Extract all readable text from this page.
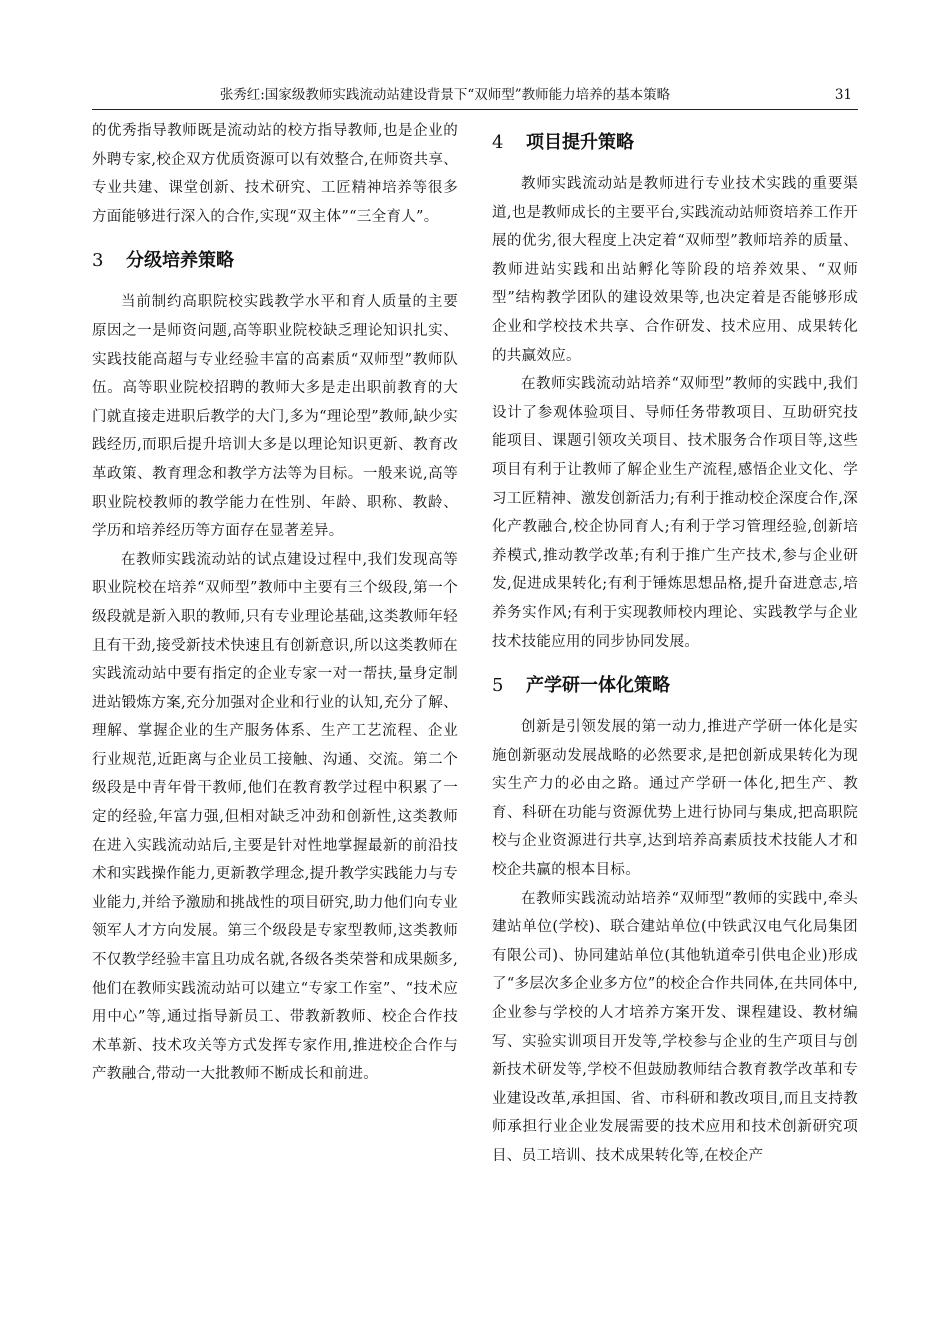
张秀红:国家级教师实践流动站建设背景下“双师型”教师能力培养的基本策略	31

的优秀指导教师既是流动站的校方指导教师,也是企业的外聘专家,校企双方优质资源可以有效整合,在师资共享、专业共建、课堂创新、技术研究、工匠精神培养等很多方面能够进行深入的合作,实现“双主体”“三全育人”。

3 分级培养策略

当前制约高职院校实践教学水平和育人质量的主要原因之一是师资问题,高等职业院校缺乏理论知识扎实、实践技能高超与专业经验丰富的高素质“双师型”教师队伍。高等职业院校招聘的教师大多是走出职前教育的大门就直接走进职后教学的大门,多为“理论型”教师,缺少实践经历,而职后提升培训大多是以理论知识更新、教育改革政策、教育理念和教学方法等为目标。一般来说,高等职业院校教师的教学能力在性别、年龄、职称、教龄、学历和培养经历等方面存在显著差异。

在教师实践流动站的试点建设过程中,我们发现高等职业院校在培养“双师型”教师中主要有三个级段,第一个级段就是新入职的教师,只有专业理论基础,这类教师年轻且有干劲,接受新技术快速且有创新意识,所以这类教师在实践流动站中要有指定的企业专家一对一帮扶,量身定制进站锻炼方案,充分加强对企业和行业的认知,充分了解、理解、掌握企业的生产服务体系、生产工艺流程、企业行业规范,近距离与企业员工接触、沟通、交流。第二个级段是中青年骨干教师,他们在教育教学过程中积累了一定的经验,年富力强,但相对缺乏冲劲和创新性,这类教师在进入实践流动站后,主要是针对性地掌握最新的前沿技术和实践操作能力,更新教学理念,提升教学实践能力与专业能力,并给予激励和挑战性的项目研究,助力他们向专业领军人才方向发展。第三个级段是专家型教师,这类教师不仅教学经验丰富且功成名就,各级各类荣誉和成果颇多,他们在教师实践流动站可以建立“专家工作室”、“技术应用中心”等,通过指导新员工、带教新教师、校企合作技术革新、技术攻关等方式发挥专家作用,推进校企合作与产教融合,带动一大批教师不断成长和前进。

4 项目提升策略

教师实践流动站是教师进行专业技术实践的重要渠道,也是教师成长的主要平台,实践流动站师资培养工作开展的优劣,很大程度上决定着“双师型”教师培养的质量、教师进站实践和出站孵化等阶段的培养效果、“双师型”结构教学团队的建设效果等,也决定着是否能够形成企业和学校技术共享、合作研发、技术应用、成果转化的共赢效应。

在教师实践流动站培养“双师型”教师的实践中,我们设计了参观体验项目、导师任务带教项目、互助研究技能项目、课题引领攻关项目、技术服务合作项目等,这些项目有利于让教师了解企业生产流程,感悟企业文化、学习工匠精神、激发创新活力;有利于推动校企深度合作,深化产教融合,校企协同育人;有利于学习管理经验,创新培养模式,推动教学改革;有利于推广生产技术,参与企业研发,促进成果转化;有利于锤炼思想品格,提升奋进意志,培养务实作风;有利于实现教师校内理论、实践教学与企业技术技能应用的同步协同发展。

5 产学研一体化策略

创新是引领发展的第一动力,推进产学研一体化是实施创新驱动发展战略的必然要求,是把创新成果转化为现实生产力的必由之路。通过产学研一体化,把生产、教育、科研在功能与资源优势上进行协同与集成,把高职院校与企业资源进行共享,达到培养高素质技术技能人才和校企共赢的根本目标。

在教师实践流动站培养“双师型”教师的实践中,牵头建站单位(学校)、联合建站单位(中铁武汉电气化局集团有限公司)、协同建站单位(其他轨道牵引供电企业)形成了“多层次多企业多方位”的校企合作共同体,在共同体中,企业参与学校的人才培养方案开发、课程建设、教材编写、实验实训项目开发等,学校参与企业的生产项目与创新技术研发等,学校不但鼓励教师结合教育教学改革和专业建设改革,承担国、省、市科研和教改项目,而且支持教师承担行业企业发展需要的技术应用和技术创新研究项目、员工培训、技术成果转化等,在校企产
